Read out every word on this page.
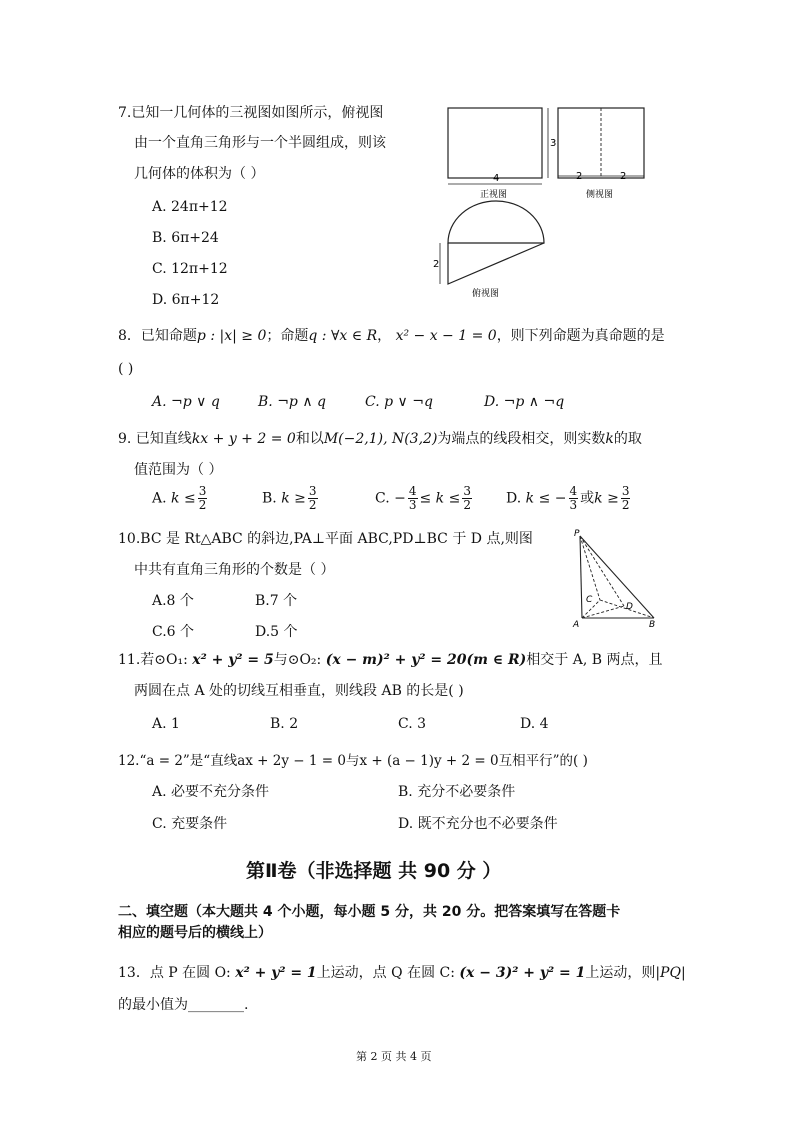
7.已知一几何体的三视图如图所示，俯视图
由一个直角三角形与一个半圆组成，则该
几何体的体积为（ ）
A. 24π+12
B. 6π+24
C. 12π+12
D. 6π+12
3
4
正视图
2	2
侧视图
2
俯视图
8．已知命题p : |x| ≥ 0；命题q : ∀x ∈ R， x² − x − 1 = 0，则下列命题为真命题的是
( )
A. ¬p ∨ q	B. ¬p ∧ q	C. p ∨ ¬q	D. ¬p ∧ ¬q
9. 已知直线kx + y + 2 = 0和以M(−2,1), N(3,2)为端点的线段相交，则实数k的取
值范围为（ ）
A. $k \le \frac{3}{2}$	B. $k \ge \frac{3}{2}$	C. − $\frac{4}{3} \le k \le \frac{3}{2} D$. k ≤ − $\frac{4}{3}$ 或$k \ge \frac{3}{2}$
10.BC 是 Rt△ABC 的斜边,PA⊥平面 ABC,PD⊥BC 于 D 点,则图
中共有直角三角形的个数是（ ）
A.8 个	B.7 个
C.6 个	D.5 个
P
A	B
C
D
11.若⊙O₁: x² + y² = 5与⊙O₂: (x − m)² + y² = 20(m ∈ R)相交于 A, B 两点，且
两圆在点 A 处的切线互相垂直，则线段 AB 的长是( )
A. 1	B. 2	C. 3	D. 4
12.“a = 2”是“直线ax + 2y − 1 = 0与x + (a − 1)y + 2 = 0互相平行”的( )
A. 必要不充分条件	B. 充分不必要条件
C. 充要条件	D. 既不充分也不必要条件
第Ⅱ卷（非选择题 共 90 分 ）
二、填空题（本大题共 4 个小题，每小题 5 分，共 20 分。把答案填写在答题卡
相应的题号后的横线上）
13．点 P 在圆 O: x² + y² = 1上运动，点 Q 在圆 C: (x − 3)² + y² = 1上运动，则|PQ|
的最小值为________.
第 2 页 共 4 页
